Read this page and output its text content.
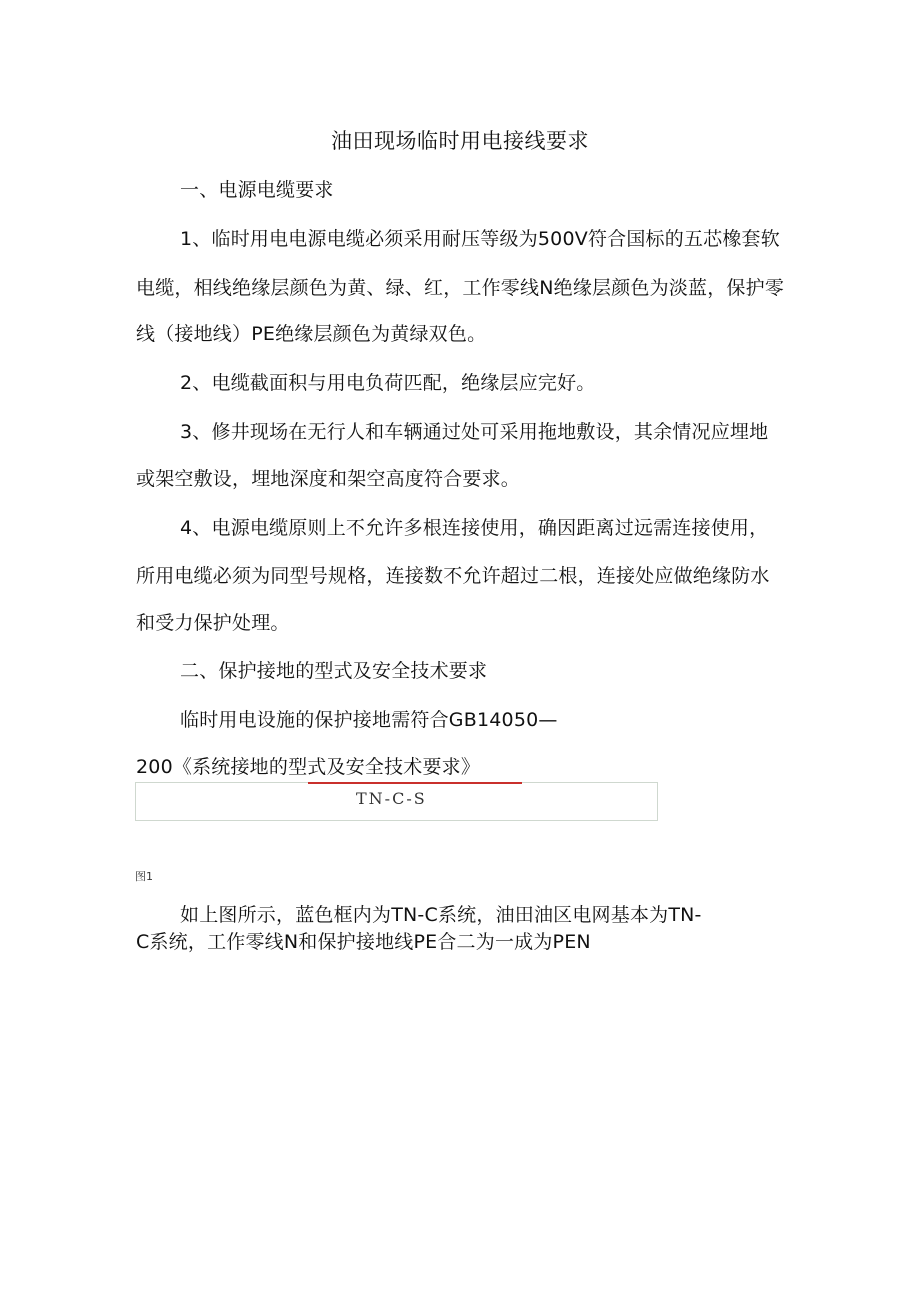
油田现场临时用电接线要求
一、电源电缆要求
1、临时用电电源电缆必须采用耐压等级为500V符合国标的五芯橡套软
电缆，相线绝缘层颜色为黄、绿、红，工作零线N绝缘层颜色为淡蓝，保护零
线（接地线）PE绝缘层颜色为黄绿双色。
2、电缆截面积与用电负荷匹配，绝缘层应完好。
3、修井现场在无行人和车辆通过处可采用拖地敷设，其余情况应埋地
或架空敷设，埋地深度和架空高度符合要求。
4、电源电缆原则上不允许多根连接使用，确因距离过远需连接使用，
所用电缆必须为同型号规格，连接数不允许超过二根，连接处应做绝缘防水
和受力保护处理。
二、保护接地的型式及安全技术要求
临时用电设施的保护接地需符合GB14050—
200《系统接地的型式及安全技术要求》
TN-C-S
图1
如上图所示，蓝色框内为TN-C系统，油田油区电网基本为TN-
C系统，工作零线N和保护接地线PE合二为一成为PEN
